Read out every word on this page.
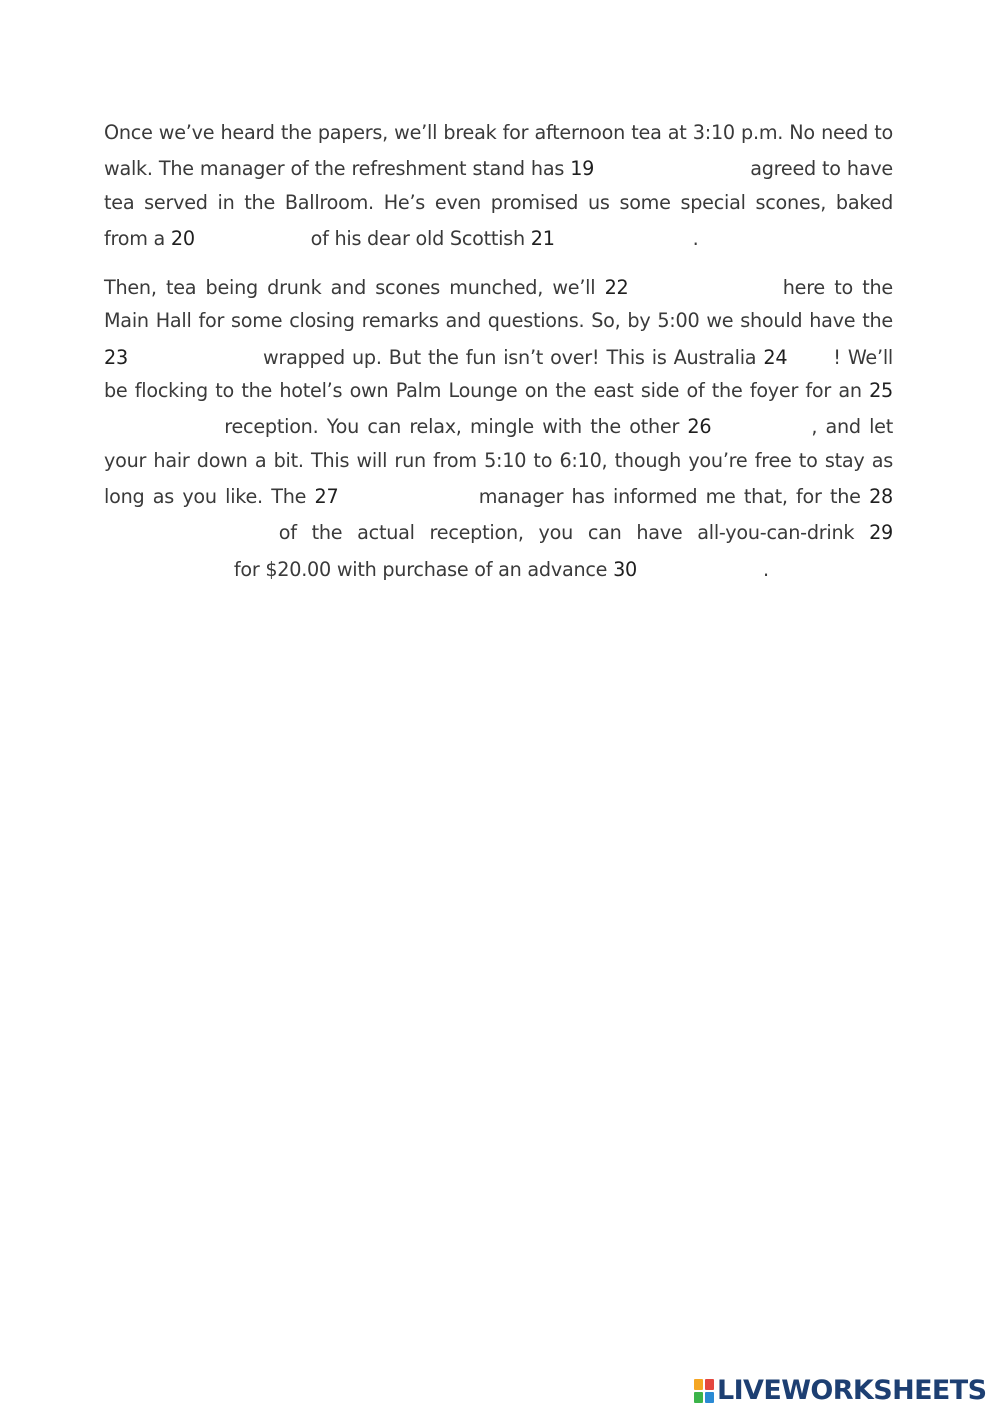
Once we’ve heard the papers, we’ll break for afternoon tea at 3:10 p.m. No need to walk. The manager of the refreshment stand has 19	agreed to have tea served in the Ballroom. He’s even promised us some special scones, baked from a 20	of his dear old Scottish 21	.

Then, tea being drunk and scones munched, we’ll 22	here to the Main Hall for some closing remarks and questions. So, by 5:00 we should have the 23	wrapped up. But the fun isn’t over! This is Australia 24 ! We’ll be flocking to the hotel’s own Palm Lounge on the east side of the foyer for an 25 reception. You can relax, mingle with the other 26	, and let your hair down a bit. This will run from 5:10 to 6:10, though you’re free to stay as long as you like. The 27	manager has informed me that, for the 28 of the actual reception, you can have all-you-can-drink 29 for $20.00 with purchase of an advance 30	.

LIVEWORKSHEETS
